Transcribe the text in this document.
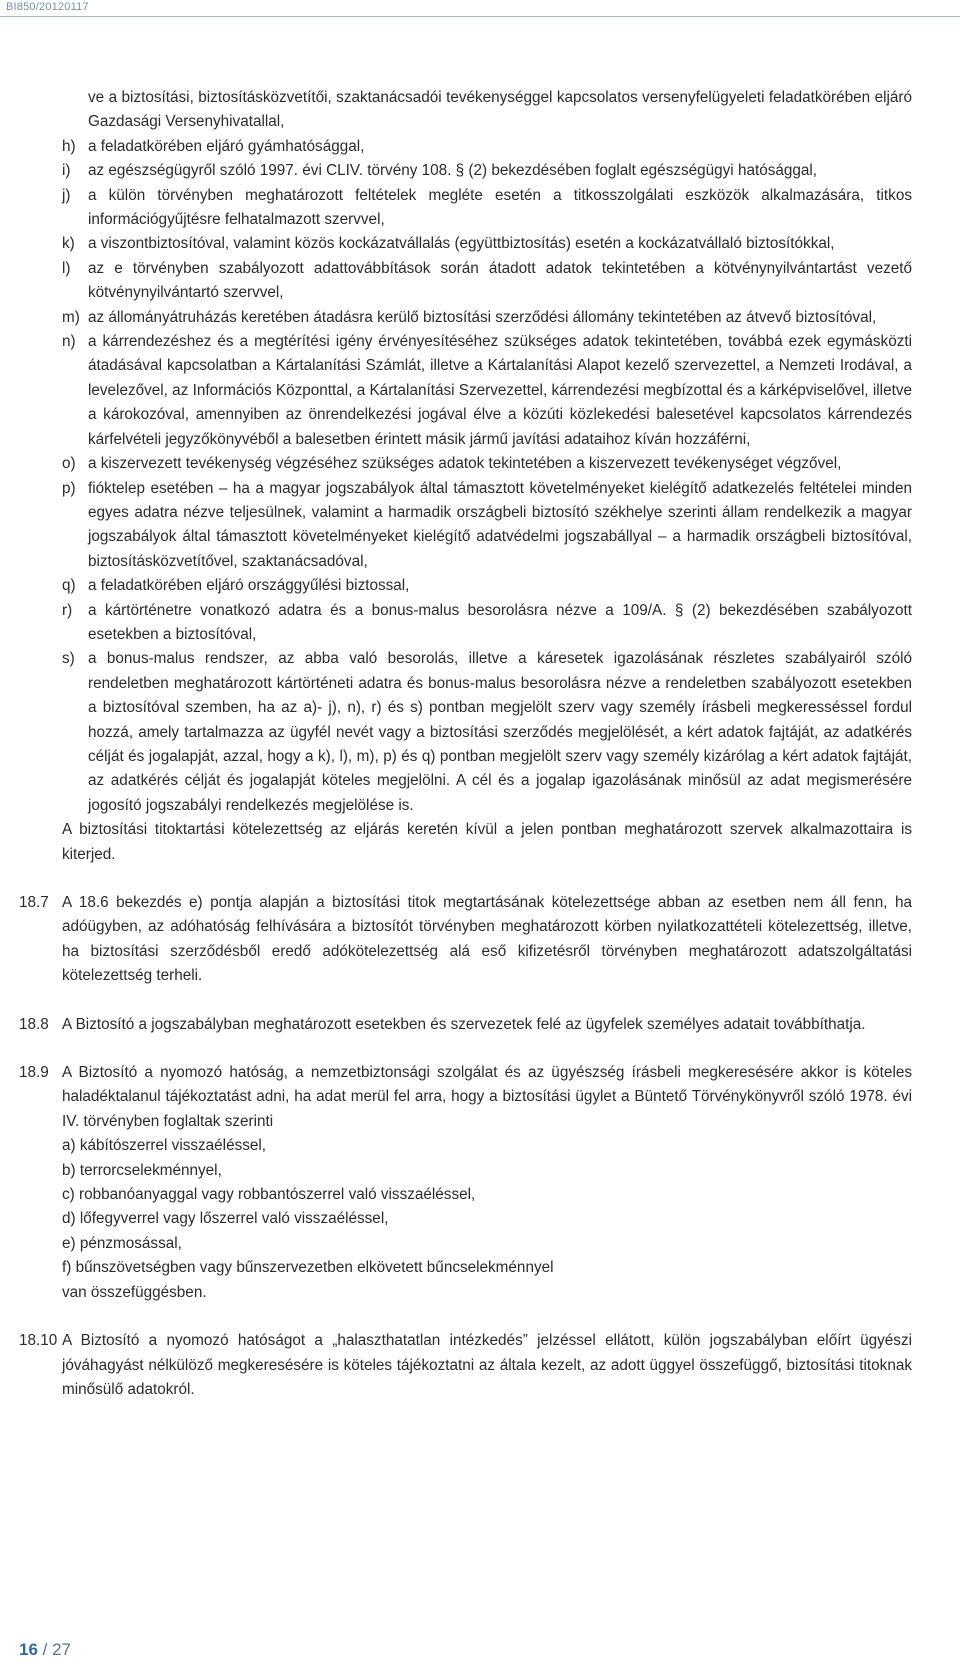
BI850/20120117
ve a biztosítási, biztosításközvetítői, szaktanácsadói tevékenységgel kapcsolatos versenyfelügyeleti feladatkörében eljáró Gazdasági Versenyhivatallal,
h) a feladatkörében eljáró gyámhatósággal,
i) az egészségügyről szóló 1997. évi CLIV. törvény 108. § (2) bekezdésében foglalt egészségügyi hatósággal,
j) a külön törvényben meghatározott feltételek megléte esetén a titkosszolgálati eszközök alkalmazására, titkos információgyűjtésre felhatalmazott szervvel,
k) a viszontbiztosítóval, valamint közös kockázatvállalás (együttbiztosítás) esetén a kockázatvállaló biztosítókkal,
l) az e törvényben szabályozott adattovábbítások során átadott adatok tekintetében a kötvénynyilvántartást vezető kötvénynyilvántartó szervvel,
m) az állományátruházás keretében átadásra kerülő biztosítási szerződési állomány tekintetében az átvevő biztosítóval,
n) a kárrendezéshez és a megtérítési igény érvényesítéséhez szükséges adatok tekintetében, továbbá ezek egymásközti átadásával kapcsolatban a Kártalanítási Számlát, illetve a Kártalanítási Alapot kezelő szervezettel, a Nemzeti Irodával, a levelezővel, az Információs Központtal, a Kártalanítási Szervezettel, kárrendezési megbízottal és a kárképviselővel, illetve a károkozóval, amennyiben az önrendelkezési jogával élve a közúti közlekedési balesetével kapcsolatos kárrendezés kárfelvételi jegyzőkönyvéből a balesetben érintett másik jármű javítási adataihoz kíván hozzáférni,
o) a kiszervezett tevékenység végzéséhez szükséges adatok tekintetében a kiszervezett tevékenységet végzővel,
p) fióktelep esetében – ha a magyar jogszabályok által támasztott követelményeket kielégítő adatkezelés feltételei minden egyes adatra nézve teljesülnek, valamint a harmadik országbeli biztosító székhelye szerinti állam rendelkezik a magyar jogszabályok által támasztott követelményeket kielégítő adatvédelmi jogszabállyal – a harmadik országbeli biztosítóval, biztosításközvetítővel, szaktanácsadóval,
q) a feladatkörében eljáró országgyűlési biztossal,
r) a kártörténetre vonatkozó adatra és a bonus-malus besorolásra nézve a 109/A. § (2) bekezdésében szabályozott esetekben a biztosítóval,
s) a bonus-malus rendszer, az abba való besorolás, illetve a káresetek igazolásának részletes szabályairól szóló rendeletben meghatározott kártörténeti adatra és bonus-malus besorolásra nézve a rendeletben szabályozott esetekben a biztosítóval szemben, ha az a)- j), n), r) és s) pontban megjelölt szerv vagy személy írásbeli megkeresséssel fordul hozzá, amely tartalmazza az ügyfél nevét vagy a biztosítási szerződés megjelölését, a kért adatok fajtáját, az adatkérés célját és jogalapját, azzal, hogy a k), l), m), p) és q) pontban megjelölt szerv vagy személy kizárólag a kért adatok fajtáját, az adatkérés célját és jogalapját köteles megjelölni. A cél és a jogalap igazolásának minősül az adat megismerésére jogosító jogszabályi rendelkezés megjelölése is.
A biztosítási titoktartási kötelezettség az eljárás keretén kívül a jelen pontban meghatározott szervek alkalmazottaira is kiterjed.
18.7 A 18.6 bekezdés e) pontja alapján a biztosítási titok megtartásának kötelezettsége abban az esetben nem áll fenn, ha adóügyben, az adóhatóság felhívására a biztosítót törvényben meghatározott körben nyilatkozattételi kötelezettség, illetve, ha biztosítási szerződésből eredő adókötelezettség alá eső kifizetésről törvényben meghatározott adatszolgáltatási kötelezettség terheli.
18.8 A Biztosító a jogszabályban meghatározott esetekben és szervezetek felé az ügyfelek személyes adatait továbbíthatja.
18.9 A Biztosító a nyomozó hatóság, a nemzetbiztonsági szolgálat és az ügyészség írásbeli megkeresésére akkor is köteles haladéktalanul tájékoztatást adni, ha adat merül fel arra, hogy a biztosítási ügylet a Büntető Törvénykönyvről szóló 1978. évi IV. törvényben foglaltak szerinti
a) kábítószerrel visszaéléssel,
b) terrorcselekménnyel,
c) robbanóanyaggal vagy robbantószerrel való visszaéléssel,
d) lőfegyverrel vagy lőszerrel való visszaéléssel,
e) pénzmosással,
f) bűnszövetségben vagy bűnszervezetben elkövetett bűncselekménnyel
van összefüggésben.
18.10 A Biztosító a nyomozó hatóságot a „halaszthatatlan intézkedés” jelzéssel ellátott, külön jogszabályban előírt ügyészi jóváhagyást nélkülöző megkeresésére is köteles tájékoztatni az általa kezelt, az adott üggyel összefüggő, biztosítási titoknak minősülő adatokról.
16 / 27
